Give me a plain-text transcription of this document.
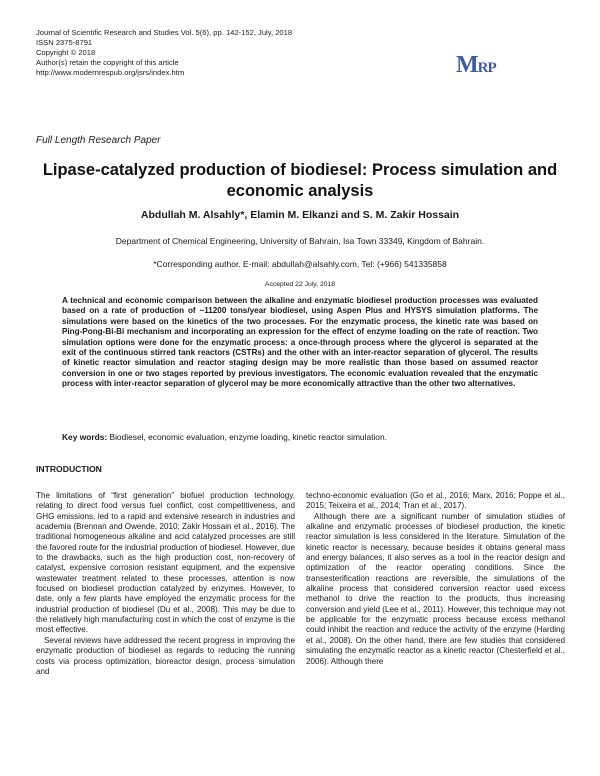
Journal of Scientific Research and Studies Vol. 5(6), pp. 142-152, July, 2018
ISSN 2375-8791
Copyright © 2018
Author(s) retain the copyright of this article
http://www.modernrespub.org/jsrs/index.htm	MRP
Full Length Research Paper
Lipase-catalyzed production of biodiesel: Process simulation and economic analysis
Abdullah M. Alsahly*, Elamin M. Elkanzi and S. M. Zakir Hossain
Department of Chemical Engineering, University of Bahrain, Isa Town 33349, Kingdom of Bahrain.
*Corresponding author. E-mail: abdullah@alsahly.com, Tel: (+966) 541335858
Accepted 22 July, 2018
A technical and economic comparison between the alkaline and enzymatic biodiesel production processes was evaluated based on a rate of production of ~11200 tons/year biodiesel, using Aspen Plus and HYSYS simulation platforms. The simulations were based on the kinetics of the two processes. For the enzymatic process, the kinetic rate was based on Ping-Pong-Bi-Bi mechanism and incorporating an expression for the effect of enzyme loading on the rate of reaction. Two simulation options were done for the enzymatic process: a once-through process where the glycerol is separated at the exit of the continuous stirred tank reactors (CSTRs) and the other with an inter-reactor separation of glycerol. The results of kinetic reactor simulation and reactor staging design may be more realistic than those based on assumed reactor conversion in one or two stages reported by previous investigators. The economic evaluation revealed that the enzymatic process with inter-reactor separation of glycerol may be more economically attractive than the other two alternatives.
Key words: Biodiesel, economic evaluation, enzyme loading, kinetic reactor simulation.
INTRODUCTION

The limitations of “first generation” biofuel production technology, relating to direct food versus fuel conflict, cost competitiveness, and GHG emissions, led to a rapid and extensive research in industries and academia (Brennan and Owende, 2010; Zakir Hossain et al., 2016). The traditional homogeneous alkaline and acid catalyzed processes are still the favored route for the industrial production of biodiesel. However, due to the drawbacks, such as the high production cost, non-recovery of catalyst, expensive corrosion resistant equipment, and the expensive wastewater treatment related to these processes, attention is now focused on biodiesel production catalyzed by enzymes. However, to date, only a few plants have employed the enzymatic process for the industrial production of biodiesel (Du et al., 2008). This may be due to the relatively high manufacturing cost in which the cost of enzyme is the most effective.

Several reviews have addressed the recent progress in improving the enzymatic production of biodiesel as regards to reducing the running costs via process optimization, bioreactor design, process simulation and

techno-economic evaluation (Go et al., 2016; Marx, 2016; Poppe et al., 2015; Teixeira et al., 2014; Tran et al., 2017).

Although there are a significant number of simulation studies of alkaline and enzymatic processes of biodiesel production, the kinetic reactor simulation is less considered in the literature. Simulation of the kinetic reactor is necessary, because besides it obtains general mass and energy balances, it also serves as a tool in the reactor design and optimization of the reactor operating conditions. Since the transesterification reactions are reversible, the simulations of the alkaline process that considered conversion reactor used excess methanol to drive the reaction to the products, thus increasing conversion and yield (Lee et al., 2011). However, this technique may not be applicable for the enzymatic process because excess methanol could inhibit the reaction and reduce the activity of the enzyme (Harding et al., 2008). On the other hand, there are few studies that considered simulating the enzymatic reactor as a kinetic reactor (Chesterfield et al., 2006). Although there
